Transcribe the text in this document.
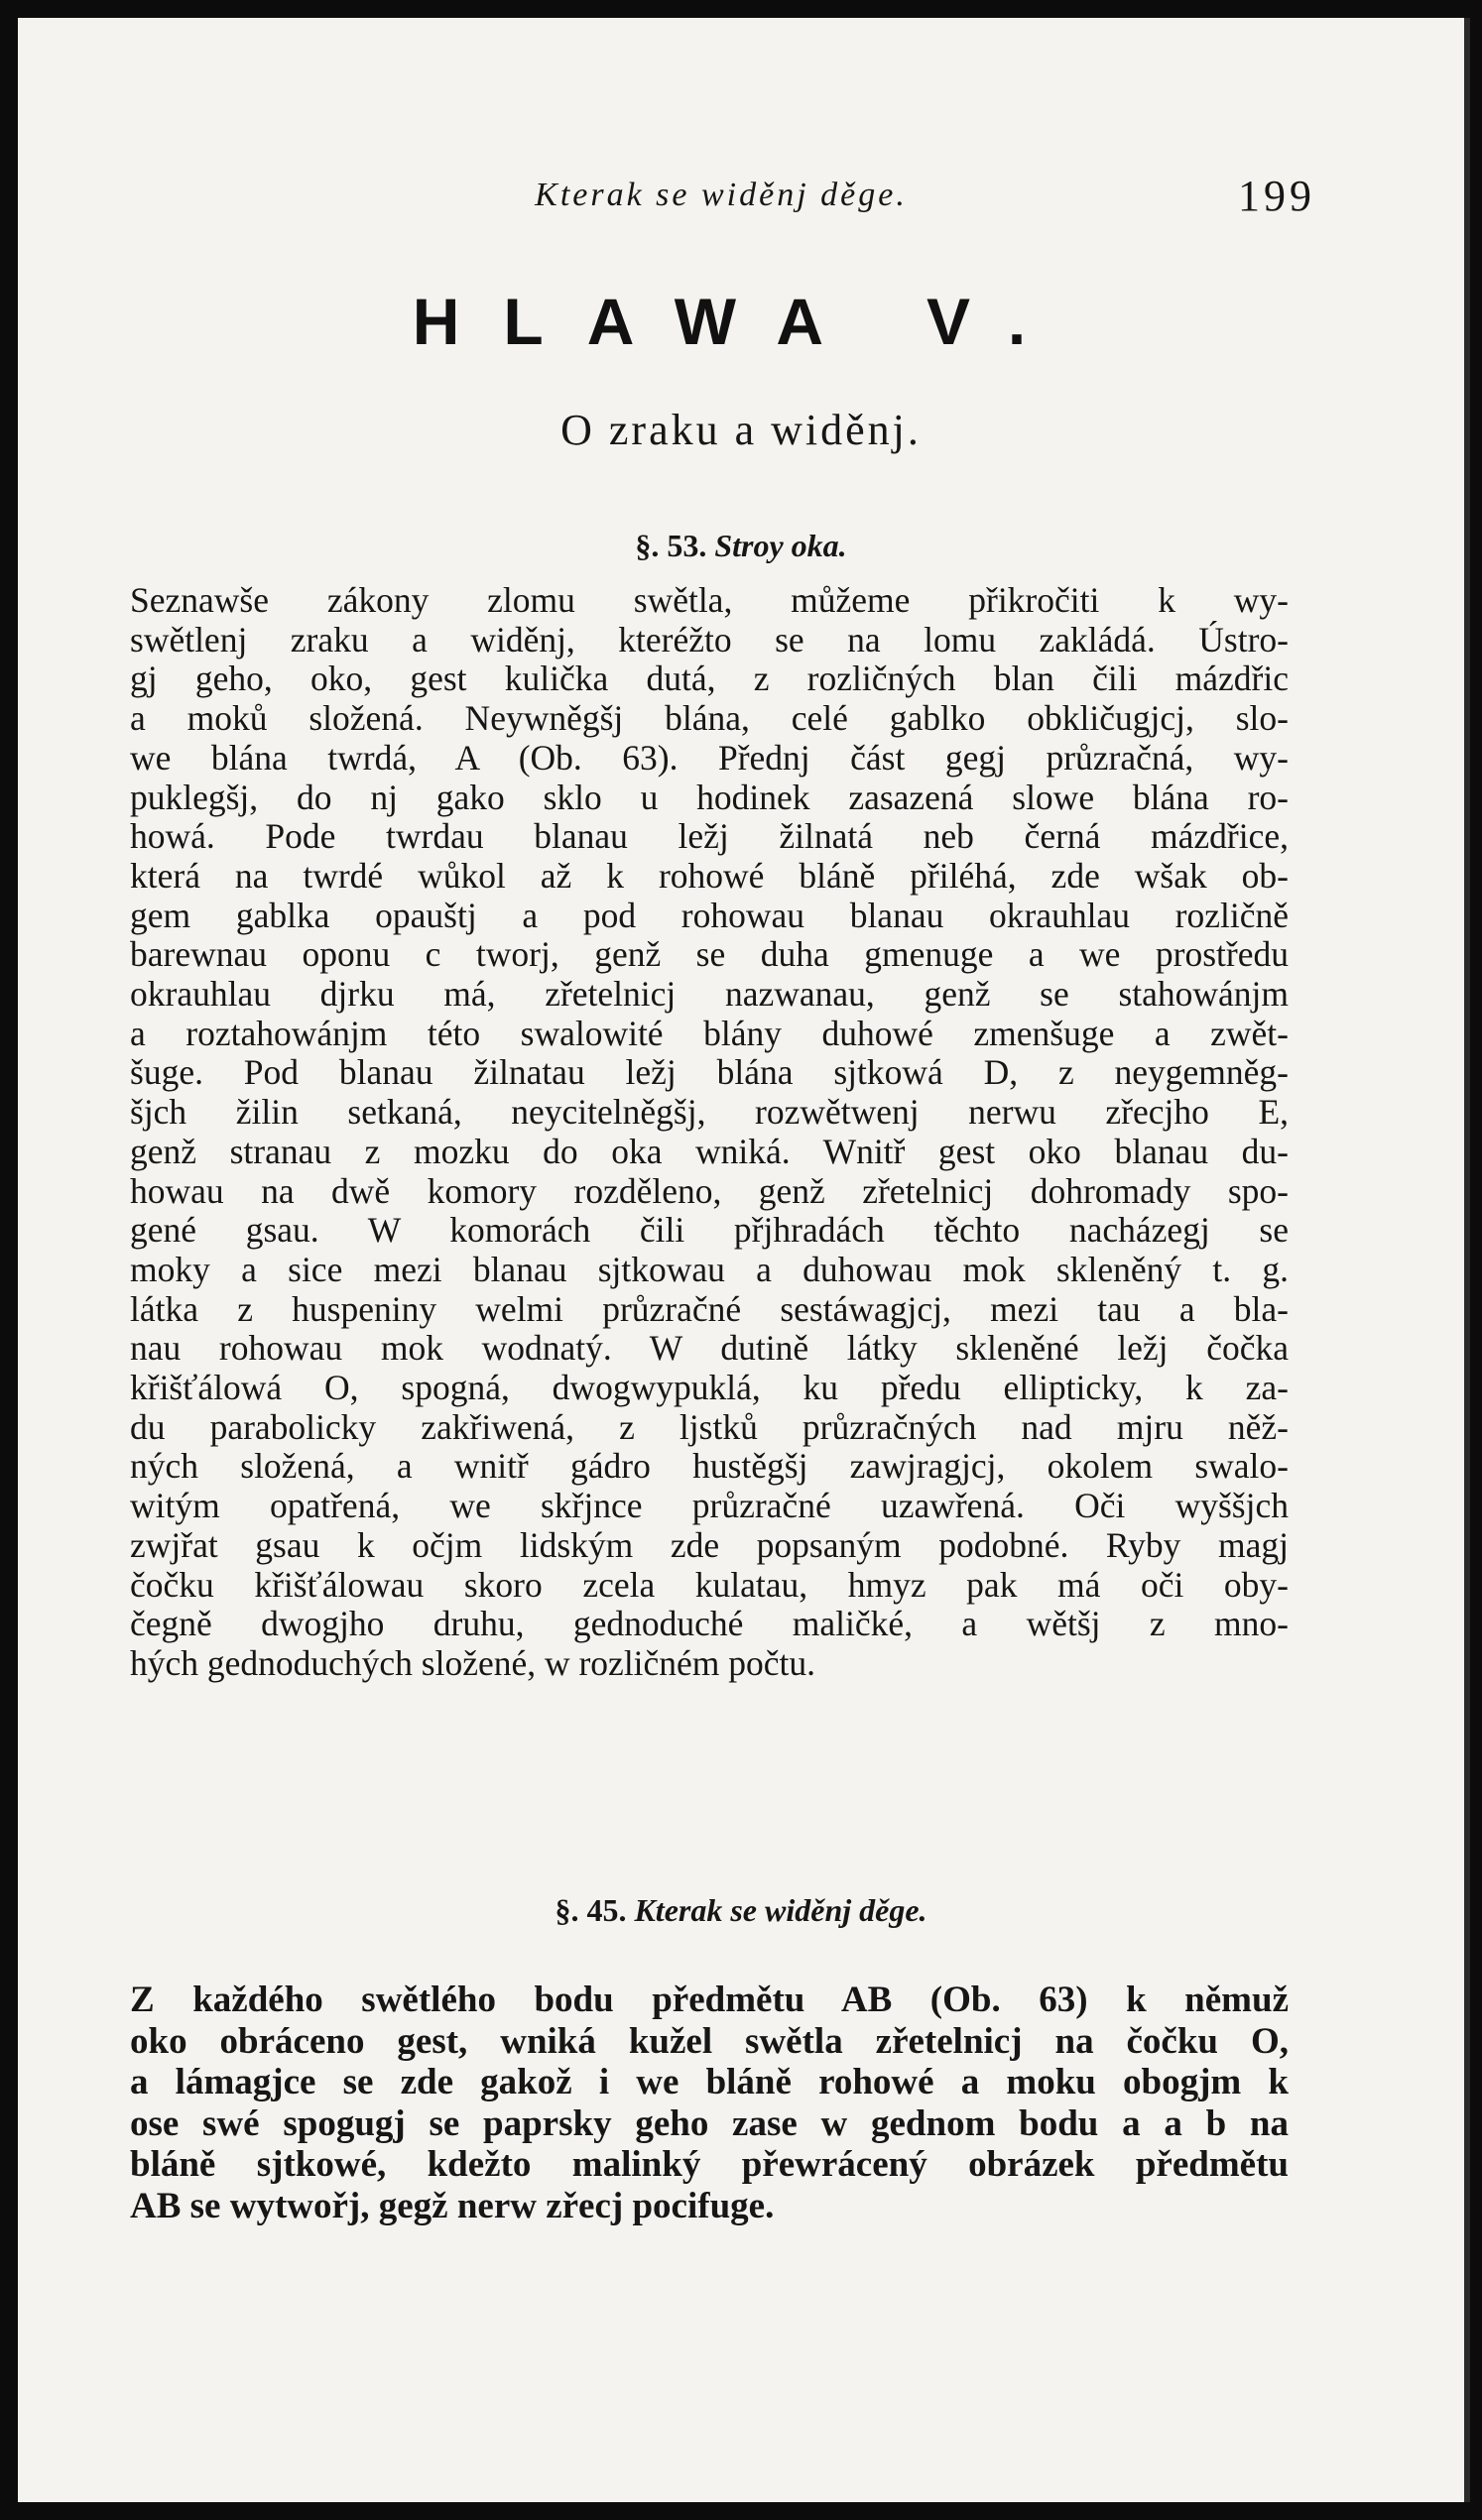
Kterak se widěnj děge.	199
HLAWA V.
O zraku a widěnj.
§. 53. Stroy oka.
Seznawše zákony zlomu swětla, můžeme přikročiti k wy-
swětlenj zraku a widěnj, kteréžto se na lomu zakládá. Ústro-
gj geho, oko, gest kulička dutá, z rozličných blan čili mázdřic
a moků složená. Neywněgšj blána, celé gablko obkličugjcj, slo-
we blána twrdá, A (Ob. 63). Přednj část gegj průzračná, wy-
puklegšj, do nj gako sklo u hodinek zasazená slowe blána ro-
howá. Pode twrdau blanau ležj žilnatá neb černá mázdřice,
která na twrdé wůkol až k rohowé bláně přiléhá, zde wšak ob-
gem gablka opauštj a pod rohowau blanau okrauhlau rozličně
barewnau oponu c tworj, genž se duha gmenuge a we prostředu
okrauhlau djrku má, zřetelnicj nazwanau, genž se stahowánjm
a roztahowánjm této swalowité blány duhowé zmenšuge a zwět-
šuge. Pod blanau žilnatau ležj blána sjtkowá D, z neygemněg-
šjch žilin setkaná, neycitelněgšj, rozwětwenj nerwu zřecjho E,
genž stranau z mozku do oka wniká. Wnitř gest oko blanau du-
howau na dwě komory rozděleno, genž zřetelnicj dohromady spo-
gené gsau. W komorách čili přjhradách těchto nacházegj se
moky a sice mezi blanau sjtkowau a duhowau mok skleněný t. g.
látka z huspeniny welmi průzračné sestáwagjcj, mezi tau a bla-
nau rohowau mok wodnatý. W dutině látky skleněné ležj čočka
křišťálowá O, spogná, dwogwypuklá, ku předu ellipticky, k za-
du parabolicky zakřiwená, z ljstků průzračných nad mjru něž-
ných složená, a wnitř gádro hustěgšj zawjragjcj, okolem swalo-
witým opatřená, we skřjnce průzračné uzawřená. Oči wyššjch
zwjřat gsau k očjm lidským zde popsaným podobné. Ryby magj
čočku křišťálowau skoro zcela kulatau, hmyz pak má oči oby-
čegně dwogjho druhu, gednoduché maličké, a wětšj z mno-
hých gednoduchých složené, w rozličném počtu.
§. 45. Kterak se widěnj děge.
Z každého swětlého bodu předmětu AB (Ob. 63) k němuž
oko obráceno gest, wniká kužel swětla zřetelnicj na čočku O,
a lámagjce se zde gakož i we bláně rohowé a moku obogjm k
ose swé spogugj se paprsky geho zase w gednom bodu a a b na
bláně sjtkowé, kdežto malinký přewrácený obrázek předmětu
AB se wytwořj, gegž nerw zřecj pocifuge.
